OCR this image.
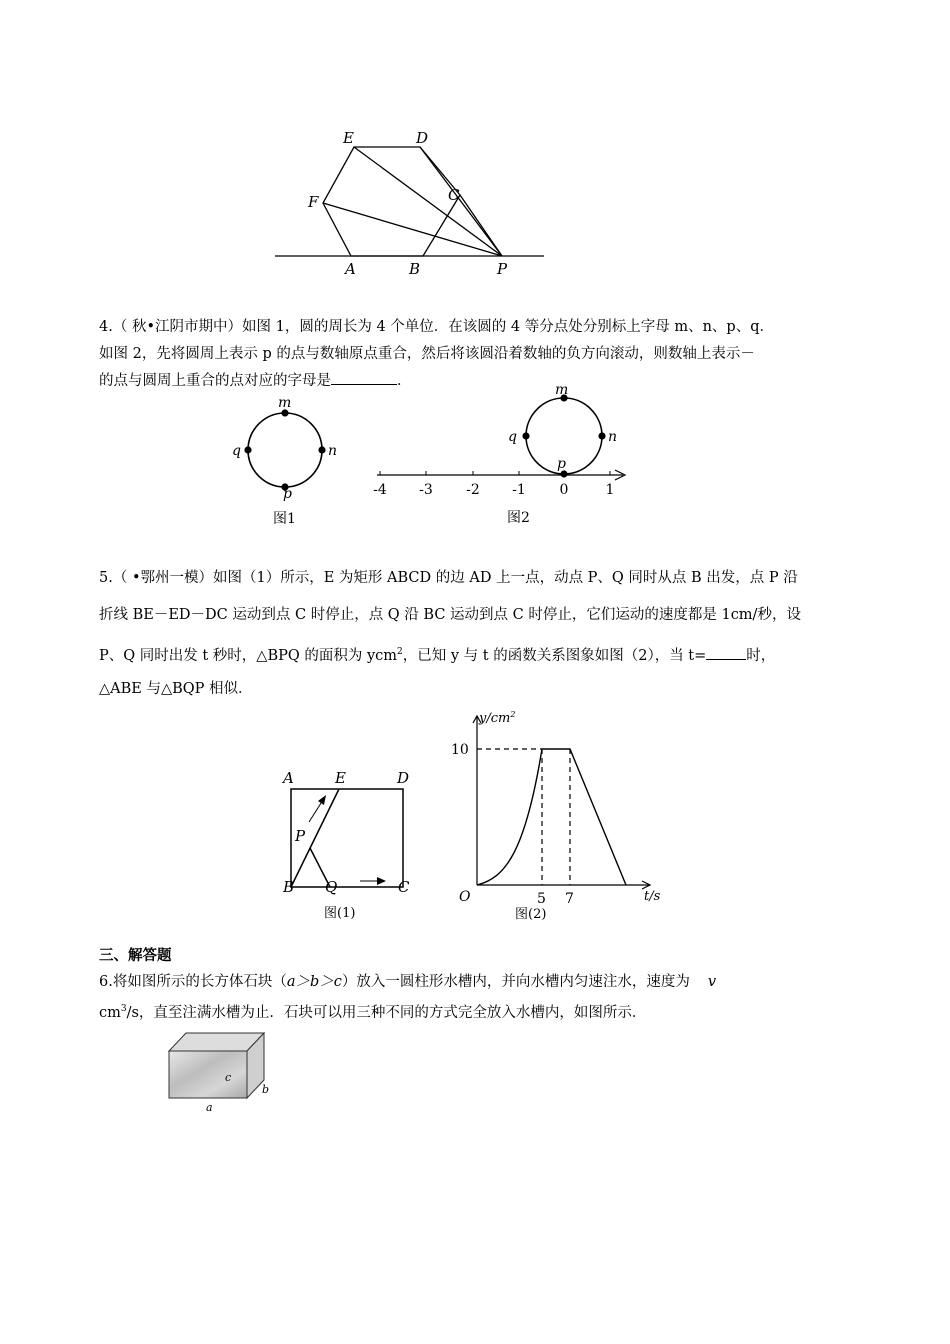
E	D
C
F
A	B	P
4.（ 秋•江阴市期中）如图 1，圆的周长为 4 个单位．在该圆的 4 等分点处分别标上字母 m、n、p、q．
如图 2，先将圆周上表示 p 的点与数轴原点重合，然后将该圆沿着数轴的负方向滚动，则数轴上表示－
的点与圆周上重合的点对应的字母是	．
m
n
p
q
图1
m
n
p
q
-4 -3 -2 -1 0	1
图2
5.（ •鄂州一模）如图（1）所示，E 为矩形 ABCD 的边 AD 上一点，动点 P、Q 同时从点 B 出发，点 P 沿
折线 BE－ED－DC 运动到点 C 时停止，点 Q 沿 BC 运动到点 C 时停止，它们运动的速度都是 1cm/秒，设
P、Q 同时出发 t 秒时，△BPQ 的面积为 ycm$^2$，已知 y 与 t 的函数关系图象如图（2），当 t=	时，
△ABE 与△BQP 相似．
A	E	D
P
B Q	C
图(1)
$y/cm^2$
10
O	5 7	t/s
图(2)
三、解答题
6.将如图所示的长方体石块（a＞b＞c）放入一圆柱形水槽内，并向水槽内匀速注水，速度为 v
$cm^3/s$，直至注满水槽为止．石块可以用三种不同的方式完全放入水槽内，如图所示．
c
b
a
